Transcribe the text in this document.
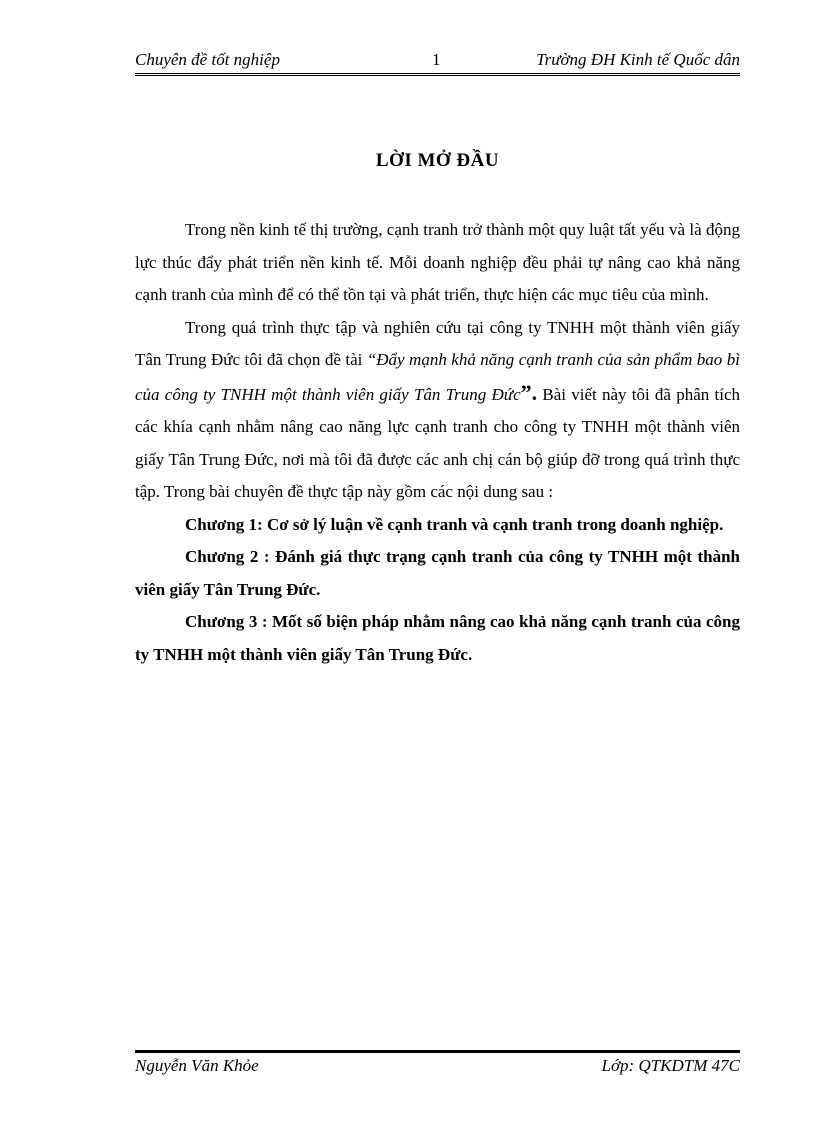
Chuyên đề tốt nghiệp	1	Trường ĐH Kinh tế Quốc dân
LỜI MỞ ĐẦU

Trong nền kinh tế thị trường, cạnh tranh trở thành một quy luật tất yếu và là động lực thúc đẩy phát triển nền kinh tế. Mỗi doanh nghiệp đều phải tự nâng cao khả năng cạnh tranh của mình để có thể tồn tại và phát triển, thực hiện các mục tiêu của mình.

Trong quá trình thực tập và nghiên cứu tại công ty TNHH một thành viên giấy Tân Trung Đức tôi đã chọn đề tài “Đẩy mạnh khả năng cạnh tranh của sản phẩm bao bì của công ty TNHH một thành viên giấy Tân Trung Đức”. Bài viết này tôi đã phân tích các khía cạnh nhằm nâng cao năng lực cạnh tranh cho công ty TNHH một thành viên giấy Tân Trung Đức, nơi mà tôi đã được các anh chị cán bộ giúp đỡ trong quá trình thực tập. Trong bài chuyên đề thực tập này gồm các nội dung sau :

Chương 1: Cơ sở lý luận về cạnh tranh và cạnh tranh trong doanh nghiệp.

Chương 2 : Đánh giá thực trạng cạnh tranh của công ty TNHH một thành viên giấy Tân Trung Đức.

Chương 3 : Mốt số biện pháp nhằm nâng cao khả năng cạnh tranh của công ty TNHH một thành viên giấy Tân Trung Đức.

Nguyễn Văn Khỏe	Lớp: QTKDTM 47C
